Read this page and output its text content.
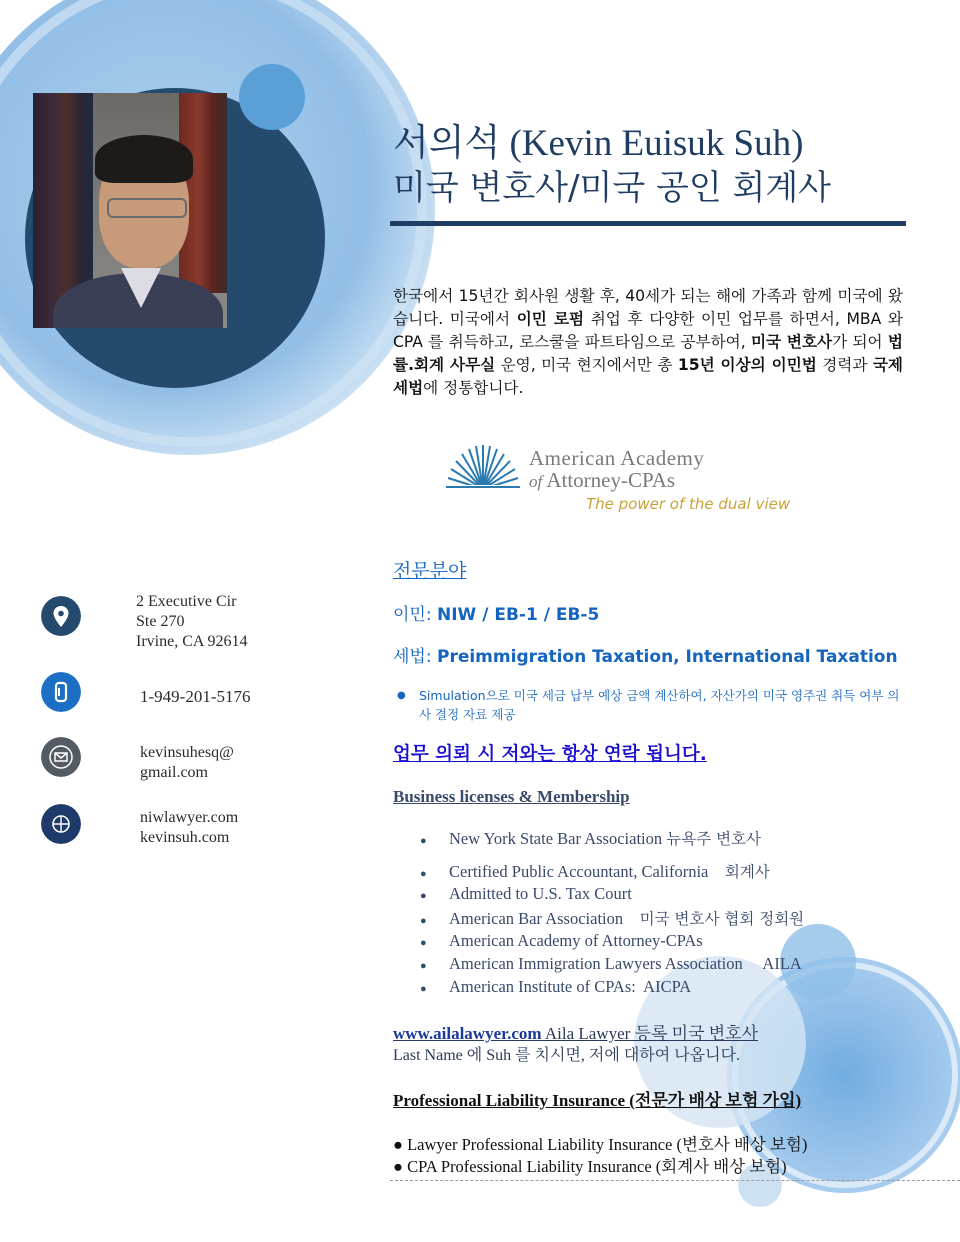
서의석 (Kevin Euisuk Suh)
미국 변호사/미국 공인 회계사
한국에서 15년간 회사원 생활 후, 40세가 되는 해에 가족과 함께 미국에 왔습니다. 미국에서 이민 로펌 취업 후 다양한 이민 업무를 하면서, MBA 와 CPA 를 취득하고, 로스쿨을 파트타임으로 공부하여, 미국 변호사가 되어 법률.회계 사무실 운영, 미국 현지에서만 총 15년 이상의 이민법 경력과 국제세법에 정통합니다.
American Academy
of Attorney-CPAs
The power of the dual view
2 Executive Cir
Ste 270
Irvine, CA 92614
1-949-201-5176
kevinsuhesq@
gmail.com
niwlawyer.com
kevinsuh.com
전문분야
이민: NIW / EB-1 / EB-5
세법: Preimmigration Taxation, International Taxation
●	Simulation으로 미국 세금 납부 예상 금액 계산하여, 자산가의 미국 영주권 취득 여부 의사 결정 자료 제공
업무 의뢰 시 저와는 항상 연락 됩니다.
Business licenses & Membership
● New York State Bar Association 뉴욕주 변호사
● Certified Public Accountant, California    회계사
● Admitted to U.S. Tax Court
● American Bar Association    미국 변호사 협회 정회원
● American Academy of Attorney-CPAs
● American Immigration Lawyers Association     AILA
● American Institute of CPAs:  AICPA
www.ailalawyer.com Aila Lawyer 등록 미국 변호사
Last Name 에 Suh 를 치시면, 저에 대하여 나옵니다.
Professional Liability Insurance (전문가 배상 보험 가입)
● Lawyer Professional Liability Insurance (변호사 배상 보험)
● CPA Professional Liability Insurance (회계사 배상 보험)
